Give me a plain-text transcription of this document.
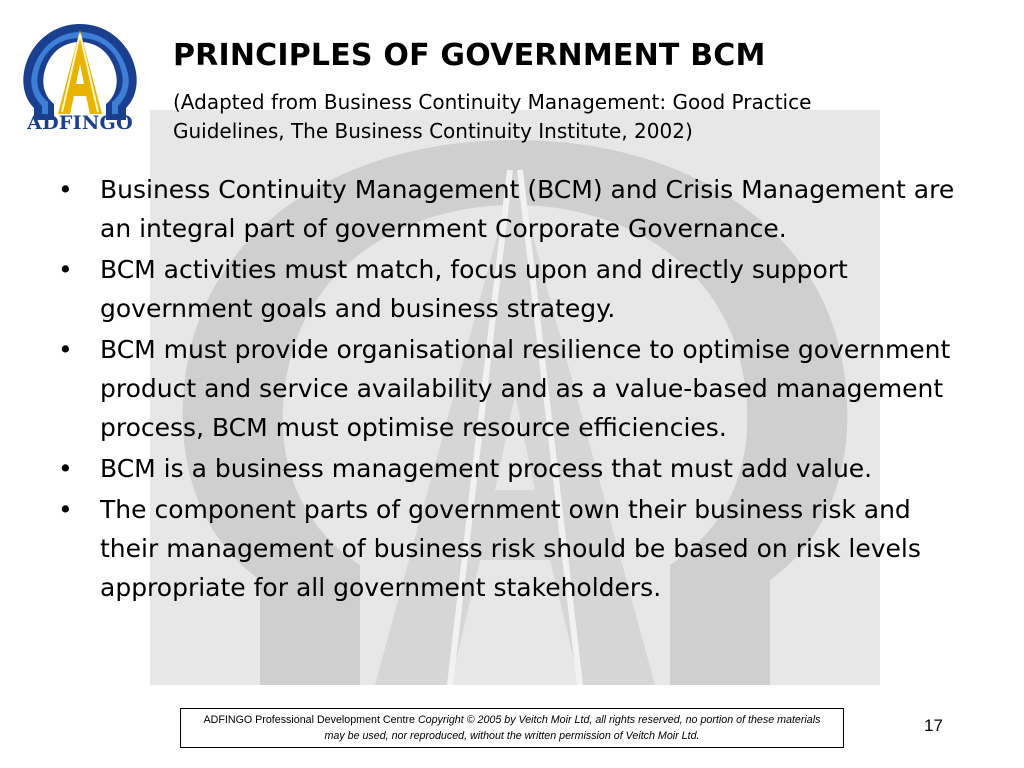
ADFINGO
PRINCIPLES OF GOVERNMENT BCM
(Adapted from Business Continuity Management: Good Practice
Guidelines, The Business Continuity Institute, 2002)
• Business Continuity Management (BCM) and Crisis Management are an integral part of government Corporate Governance.
• BCM activities must match, focus upon and directly support government goals and business strategy.
• BCM must provide organisational resilience to optimise government product and service availability and as a value-based management process, BCM must optimise resource efficiencies.
• BCM is a business management process that must add value.
• The component parts of government own their business risk and their management of business risk should be based on risk levels appropriate for all government stakeholders.
ADFINGO Professional Development Centre Copyright © 2005 by Veitch Moir Ltd, all rights reserved, no portion of these materials may be used, nor reproduced, without the written permission of Veitch Moir Ltd.
17
